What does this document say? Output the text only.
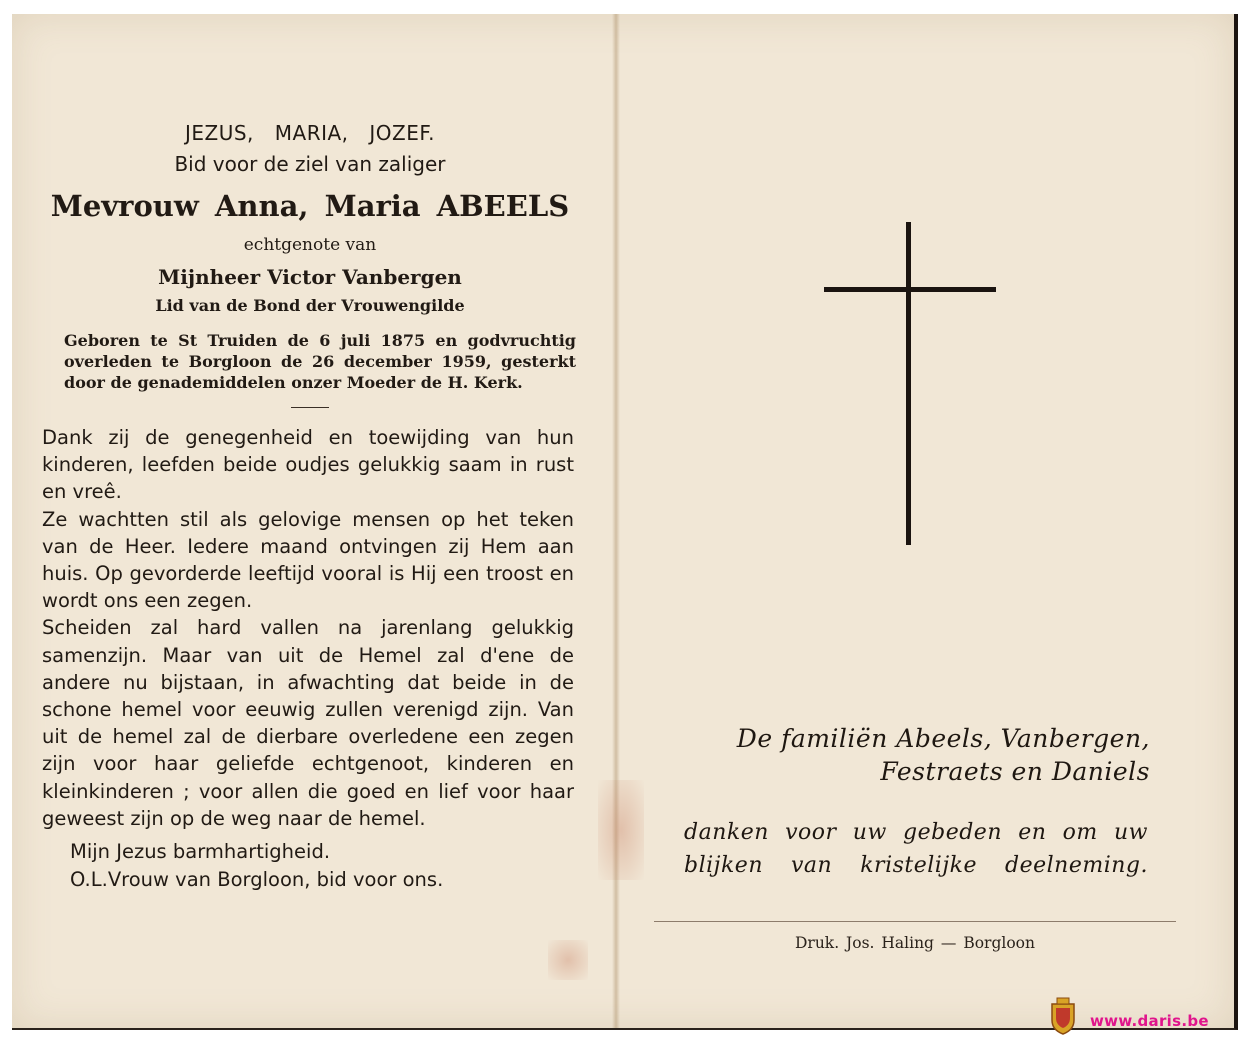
JEZUS, MARIA, JOZEF.

Bid voor de ziel van zaliger

Mevrouw Anna, Maria ABEELS

echtgenote van

Mijnheer Victor Vanbergen

Lid van de Bond der Vrouwengilde

Geboren te St Truiden de 6 juli 1875 en godvruchtig overleden te Borgloon de 26 december 1959, gesterkt door de genademiddelen onzer Moeder de H. Kerk.

Dank zij de genegenheid en toewijding van hun kinderen, leefden beide oudjes gelukkig saam in rust en vreê.

Ze wachtten stil als gelovige mensen op het teken van de Heer. Iedere maand ontvingen zij Hem aan huis. Op gevorderde leeftijd vooral is Hij een troost en wordt ons een zegen.

Scheiden zal hard vallen na jarenlang gelukkig samenzijn. Maar van uit de Hemel zal d'ene de andere nu bijstaan, in afwachting dat beide in de schone hemel voor eeuwig zullen verenigd zijn. Van uit de hemel zal de dierbare overledene een zegen zijn voor haar geliefde echtgenoot, kinderen en kleinkinderen ; voor allen die goed en lief voor haar geweest zijn op de weg naar de hemel.

Mijn Jezus barmhartigheid.
O.L.Vrouw van Borgloon, bid voor ons.
De familiën Abeels, Vanbergen,
Festraets en Daniels
danken voor uw gebeden en om uw
blijken van kristelijke deelneming.
Druk. Jos. Haling — Borgloon
www.daris.be
